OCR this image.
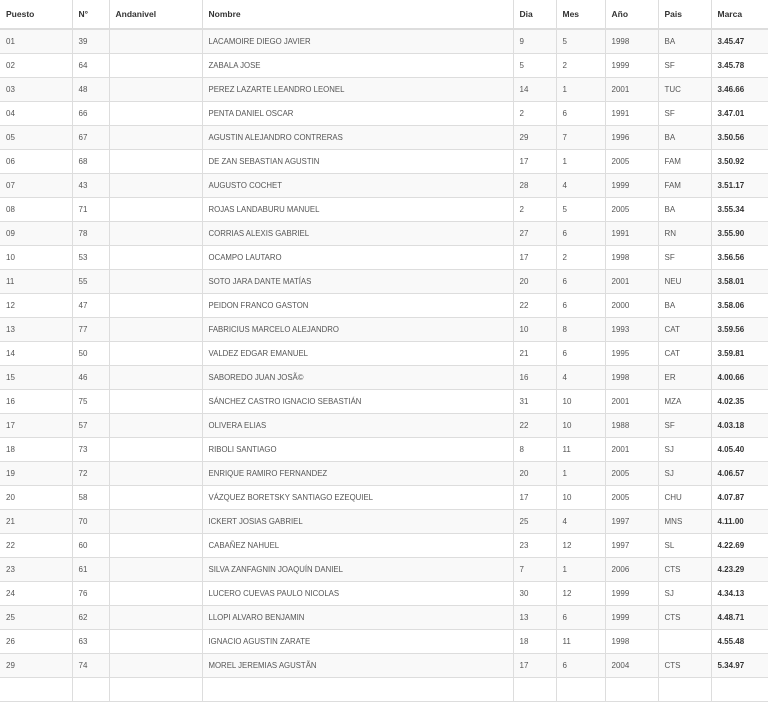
Puesto	N°	Andanivel	Nombre	Dia	Mes	Año	Pais	Marca
01	39		LACAMOIRE DIEGO JAVIER	9	5	1998	BA	3.45.47
02	64		ZABALA JOSE	5	2	1999	SF	3.45.78
03	48		PEREZ LAZARTE LEANDRO LEONEL	14	1	2001	TUC	3.46.66
04	66		PENTA DANIEL OSCAR	2	6	1991	SF	3.47.01
05	67		AGUSTIN ALEJANDRO CONTRERAS	29	7	1996	BA	3.50.56
06	68		DE ZAN SEBASTIAN AGUSTIN	17	1	2005	FAM	3.50.92
07	43		AUGUSTO COCHET	28	4	1999	FAM	3.51.17
08	71		ROJAS LANDABURU MANUEL	2	5	2005	BA	3.55.34
09	78		CORRIAS ALEXIS GABRIEL	27	6	1991	RN	3.55.90
10	53		OCAMPO LAUTARO	17	2	1998	SF	3.56.56
11	55		SOTO JARA DANTE MATÍAS	20	6	2001	NEU	3.58.01
12	47		PEIDON FRANCO GASTON	22	6	2000	BA	3.58.06
13	77		FABRICIUS MARCELO ALEJANDRO	10	8	1993	CAT	3.59.56
14	50		VALDEZ EDGAR EMANUEL	21	6	1995	CAT	3.59.81
15	46		SABOREDO JUAN JOSÃ©	16	4	1998	ER	4.00.66
16	75		SÁNCHEZ CASTRO IGNACIO SEBASTIÁN	31	10	2001	MZA	4.02.35
17	57		OLIVERA ELIAS	22	10	1988	SF	4.03.18
18	73		RIBOLI SANTIAGO	8	11	2001	SJ	4.05.40
19	72		ENRIQUE RAMIRO FERNANDEZ	20	1	2005	SJ	4.06.57
20	58		VÁZQUEZ BORETSKY SANTIAGO EZEQUIEL	17	10	2005	CHU	4.07.87
21	70		ICKERT JOSIAS GABRIEL	25	4	1997	MNS	4.11.00
22	60		CABAÑEZ NAHUEL	23	12	1997	SL	4.22.69
23	61		SILVA ZANFAGNIN JOAQUÍN DANIEL	7	1	2006	CTS	4.23.29
24	76		LUCERO CUEVAS PAULO NICOLAS	30	12	1999	SJ	4.34.13
25	62		LLOPI ALVARO BENJAMIN	13	6	1999	CTS	4.48.71
26	63		IGNACIO AGUSTIN ZARATE	18	11	1998		4.55.48
29	74		MOREL JEREMIAS AGUSTÃN	17	6	2004	CTS	5.34.97
